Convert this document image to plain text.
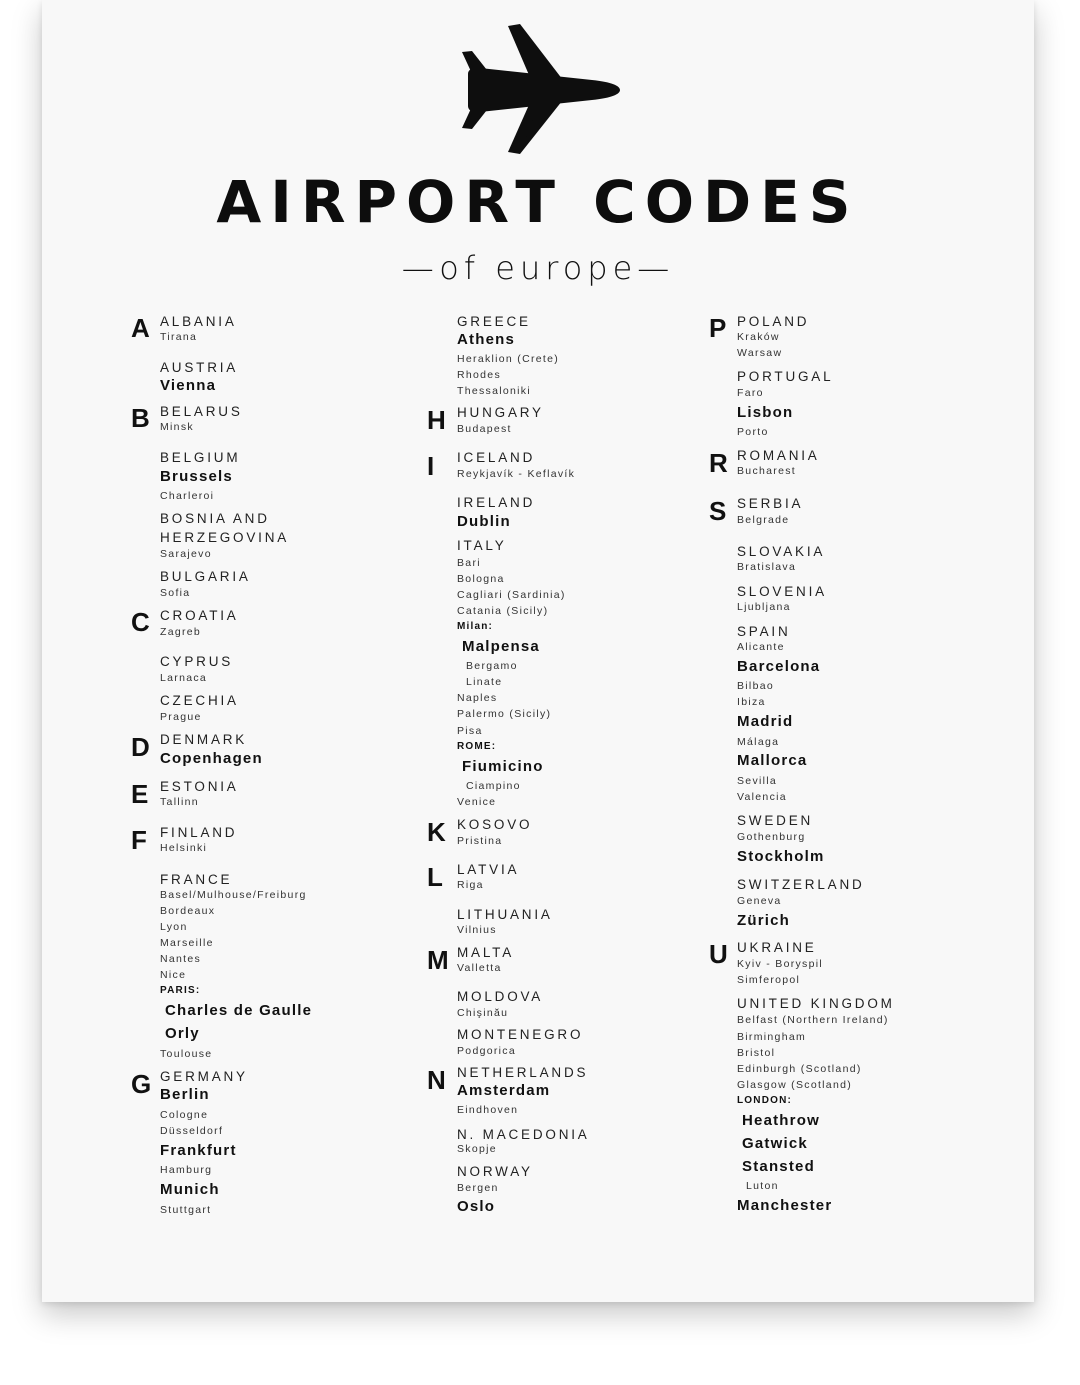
AIRPORT CODES
—of europe—
A
B
C
D
E
F
G
ALBANIA
AUSTRIA
BELARUS
BELGIUM
BOSNIA AND
HERZEGOVINA
BULGARIA
CROATIA
CYPRUS
CZECHIA
DENMARK
ESTONIA
FINLAND
FRANCE
GERMANY
Tirana
Vienna
Minsk
Brussels
Charleroi
Sarajevo
Sofia
Zagreb
Larnaca
Prague
Copenhagen
Tallinn
Helsinki
Basel/Mulhouse/Freiburg
Bordeaux
Lyon
Marseille
Nantes
Nice
PARIS:
Charles de Gaulle
Orly
Toulouse
Berlin
Cologne
Düsseldorf
Frankfurt
Hamburg
Munich
Stuttgart
H
I
K
L
M
N
GREECE
HUNGARY
ICELAND
IRELAND
ITALY
KOSOVO
LATVIA
LITHUANIA
MALTA
MOLDOVA
MONTENEGRO
NETHERLANDS
N. MACEDONIA
NORWAY
Athens
Heraklion (Crete)
Rhodes
Thessaloniki
Budapest
Reykjavík - Keflavík
Dublin
Bari
Bologna
Cagliari (Sardinia)
Catania (Sicily)
Milan:
Malpensa
Bergamo
Linate
Naples
Palermo (Sicily)
Pisa
ROME:
Fiumicino
Ciampino
Venice
Pristina
Riga
Vilnius
Valletta
Chişinău
Podgorica
Amsterdam
Eindhoven
Skopje
Bergen
Oslo
P
R
S
U
POLAND
PORTUGAL
ROMANIA
SERBIA
SLOVAKIA
SLOVENIA
SPAIN
SWEDEN
SWITZERLAND
UKRAINE
UNITED KINGDOM
Kraków
Warsaw
Faro
Lisbon
Porto
Bucharest
Belgrade
Bratislava
Ljubljana
Alicante
Barcelona
Bilbao
Ibiza
Madrid
Málaga
Mallorca
Sevilla
Valencia
Gothenburg
Stockholm
Geneva
Zürich
Kyiv - Boryspil
Simferopol
Belfast (Northern Ireland)
Birmingham
Bristol
Edinburgh (Scotland)
Glasgow (Scotland)
LONDON:
Heathrow
Gatwick
Stansted
Luton
Manchester
